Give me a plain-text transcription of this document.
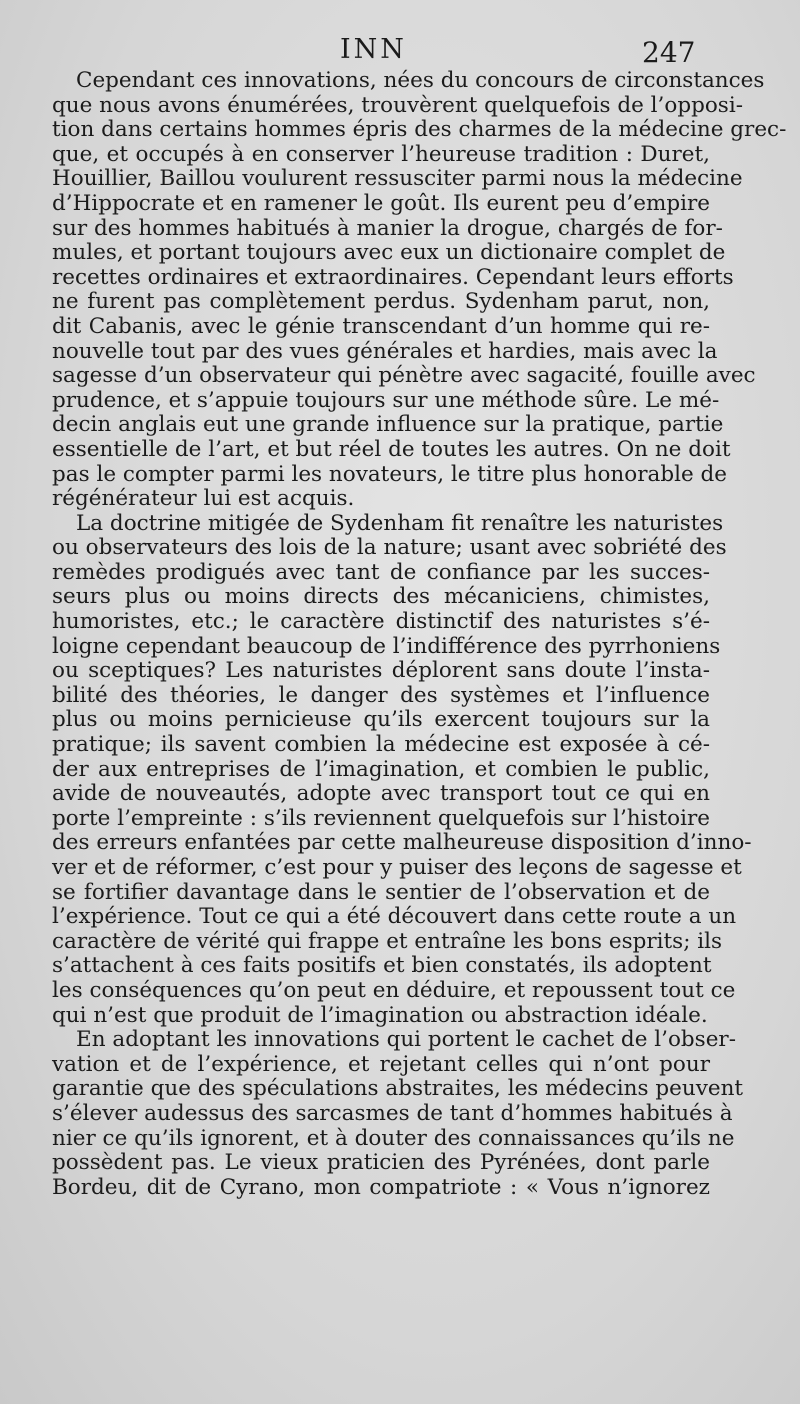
INN	247
Cependant ces innovations, nées du concours de circonstances
que nous avons énumérées, trouvèrent quelquefois de l’opposi-
tion dans certains hommes épris des charmes de la médecine grec-
que, et occupés à en conserver l’heureuse tradition : Duret,
Houillier, Baillou voulurent ressusciter parmi nous la médecine
d’Hippocrate et en ramener le goût. Ils eurent peu d’empire
sur des hommes habitués à manier la drogue, chargés de for-
mules, et portant toujours avec eux un dictionaire complet de
recettes ordinaires et extraordinaires. Cependant leurs efforts
ne furent pas complètement perdus. Sydenham parut, non,
dit Cabanis, avec le génie transcendant d’un homme qui re-
nouvelle tout par des vues générales et hardies, mais avec la
sagesse d’un observateur qui pénètre avec sagacité, fouille avec
prudence, et s’appuie toujours sur une méthode sûre. Le mé-
decin anglais eut une grande influence sur la pratique, partie
essentielle de l’art, et but réel de toutes les autres. On ne doit
pas le compter parmi les novateurs, le titre plus honorable de
régénérateur lui est acquis.
La doctrine mitigée de Sydenham fit renaître les naturistes
ou observateurs des lois de la nature; usant avec sobriété des
remèdes prodigués avec tant de confiance par les succes-
seurs plus ou moins directs des mécaniciens, chimistes,
humoristes, etc.; le caractère distinctif des naturistes s’é-
loigne cependant beaucoup de l’indifférence des pyrrhoniens
ou sceptiques? Les naturistes déplorent sans doute l’insta-
bilité des théories, le danger des systèmes et l’influence
plus ou moins pernicieuse qu’ils exercent toujours sur la
pratique; ils savent combien la médecine est exposée à cé-
der aux entreprises de l’imagination, et combien le public,
avide de nouveautés, adopte avec transport tout ce qui en
porte l’empreinte : s’ils reviennent quelquefois sur l’histoire
des erreurs enfantées par cette malheureuse disposition d’inno-
ver et de réformer, c’est pour y puiser des leçons de sagesse et
se fortifier davantage dans le sentier de l’observation et de
l’expérience. Tout ce qui a été découvert dans cette route a un
caractère de vérité qui frappe et entraîne les bons esprits; ils
s’attachent à ces faits positifs et bien constatés, ils adoptent
les conséquences qu’on peut en déduire, et repoussent tout ce
qui n’est que produit de l’imagination ou abstraction idéale.
En adoptant les innovations qui portent le cachet de l’obser-
vation et de l’expérience, et rejetant celles qui n’ont pour
garantie que des spéculations abstraites, les médecins peuvent
s’élever audessus des sarcasmes de tant d’hommes habitués à
nier ce qu’ils ignorent, et à douter des connaissances qu’ils ne
possèdent pas. Le vieux praticien des Pyrénées, dont parle
Bordeu, dit de Cyrano, mon compatriote : « Vous n’ignorez
